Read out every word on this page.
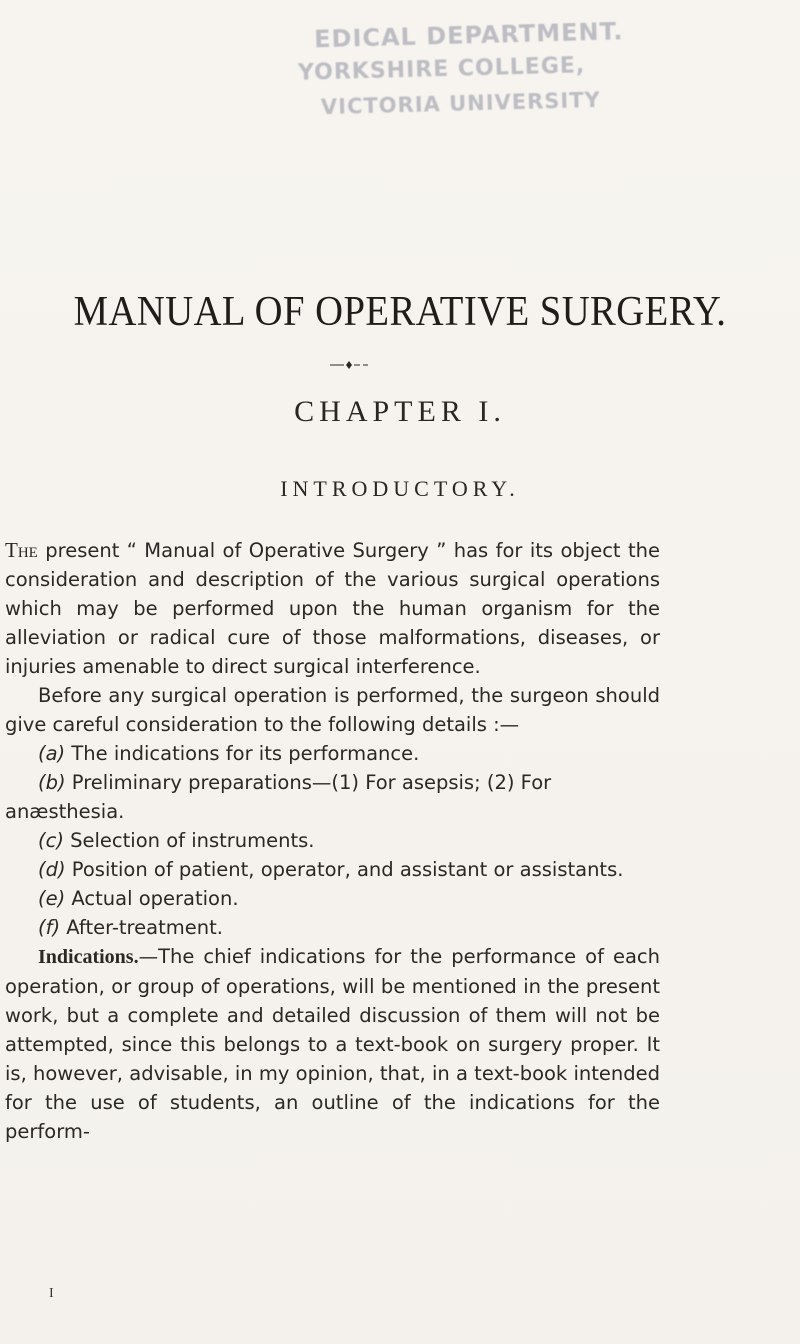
EDICAL DEPARTMENT.
YORKSHIRE COLLEGE,
VICTORIA UNIVERSITY
MANUAL OF OPERATIVE SURGERY.
CHAPTER I.
INTRODUCTORY.

The present “ Manual of Operative Surgery ” has for its object the consideration and description of the various surgical operations which may be performed upon the human organism for the alleviation or radical cure of those malformations, diseases, or injuries amenable to direct surgical interference.

Before any surgical operation is performed, the surgeon should give careful consideration to the following details :—

(a) The indications for its performance.
(b) Preliminary preparations—(1) For asepsis; (2) For
anæsthesia.
(c) Selection of instruments.
(d) Position of patient, operator, and assistant or assistants.
(e) Actual operation.
(f) After-treatment.

Indications.—The chief indications for the performance of each operation, or group of operations, will be mentioned in the present work, but a complete and detailed discussion of them will not be attempted, since this belongs to a text-book on surgery proper. It is, however, advisable, in my opinion, that, in a text-book intended for the use of students, an outline of the indications for the perform-

I
